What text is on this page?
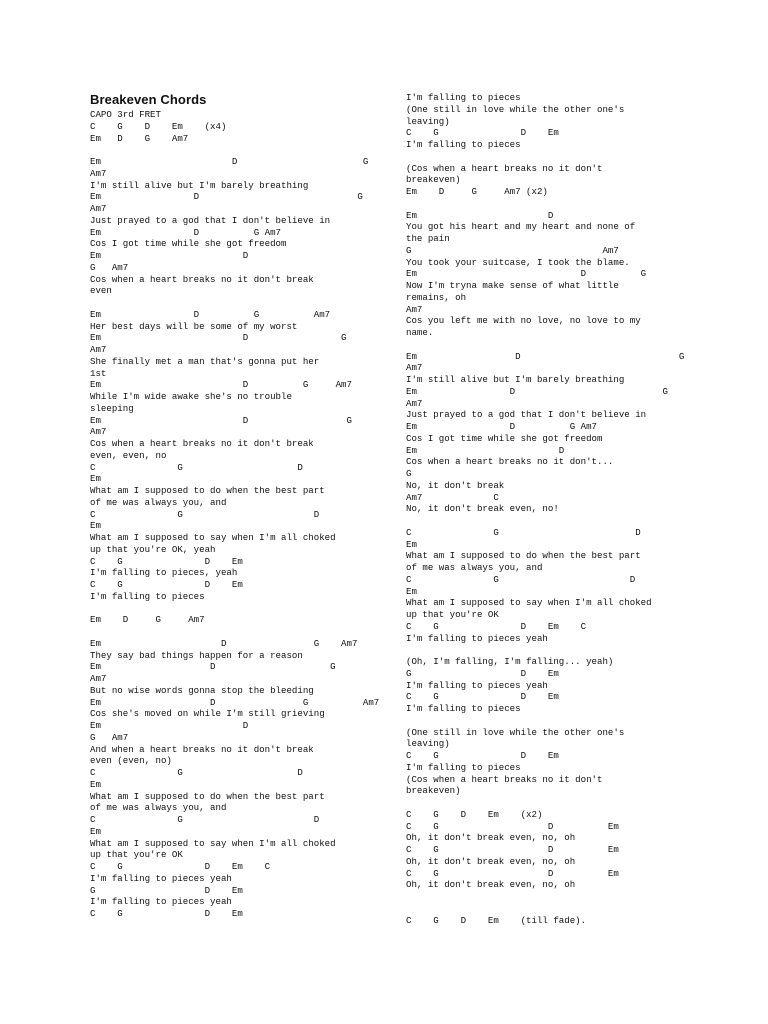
Breakeven Chords
CAPO 3rd FRET
C    G    D    Em    (x4)
Em   D    G    Am7
Em                        D                       G
Am7
I'm still alive but I'm barely breathing
Em                 D                             G
Am7
Just prayed to a god that I don't believe in
Em                 D          G Am7
Cos I got time while she got freedom
Em                          D
G   Am7
Cos when a heart breaks no it don't break
even
Em                 D          G          Am7
Her best days will be some of my worst
Em                          D                 G
Am7
She finally met a man that's gonna put her
1st
Em                          D          G     Am7
While I'm wide awake she's no trouble
sleeping
Em                          D                  G
Am7
Cos when a heart breaks no it don't break
even, even, no
C               G                     D
Em
What am I supposed to do when the best part
of me was always you, and
C               G                        D
Em
What am I supposed to say when I'm all choked
up that you're OK, yeah
C    G               D    Em
I'm falling to pieces, yeah
C    G               D    Em
I'm falling to pieces
Em    D     G     Am7
Em                      D                G    Am7
They say bad things happen for a reason
Em                    D                     G
Am7
But no wise words gonna stop the bleeding
Em                    D                G          Am7
Cos she's moved on while I'm still grieving
Em                          D
G   Am7
And when a heart breaks no it don't break
even (even, no)
C               G                     D
Em
What am I supposed to do when the best part
of me was always you, and
C               G                        D
Em
What am I supposed to say when I'm all choked
up that you're OK
C    G               D    Em    C
I'm falling to pieces yeah
G                    D    Em
I'm falling to pieces yeah
C    G               D    Em
I'm falling to pieces
(One still in love while the other one's
leaving)
C    G               D    Em
I'm falling to pieces
(Cos when a heart breaks no it don't
breakeven)
Em    D     G     Am7 (x2)
Em                        D
You got his heart and my heart and none of
the pain
G                                   Am7
You took your suitcase, I took the blame.
Em                              D          G
Now I'm tryna make sense of what little
remains, oh
Am7
Cos you left me with no love, no love to my
name.
Em                  D                             G
Am7
I'm still alive but I'm barely breathing
Em                 D                           G
Am7
Just prayed to a god that I don't believe in
Em                 D          G Am7
Cos I got time while she got freedom
Em                          D
Cos when a heart breaks no it don't...
G
No, it don't break
Am7             C
No, it don't break even, no!
C               G                         D
Em
What am I supposed to do when the best part
of me was always you, and
C               G                        D
Em
What am I supposed to say when I'm all choked
up that you're OK
C    G               D    Em    C
I'm falling to pieces yeah
(Oh, I'm falling, I'm falling... yeah)
G                    D    Em
I'm falling to pieces yeah
C    G               D    Em
I'm falling to pieces
(One still in love while the other one's
leaving)
C    G               D    Em
I'm falling to pieces
(Cos when a heart breaks no it don't
breakeven)
C    G    D    Em    (x2)
C    G                    D          Em
Oh, it don't break even, no, oh
C    G                    D          Em
Oh, it don't break even, no, oh
C    G                    D          Em
Oh, it don't break even, no, oh
C    G    D    Em    (till fade).
